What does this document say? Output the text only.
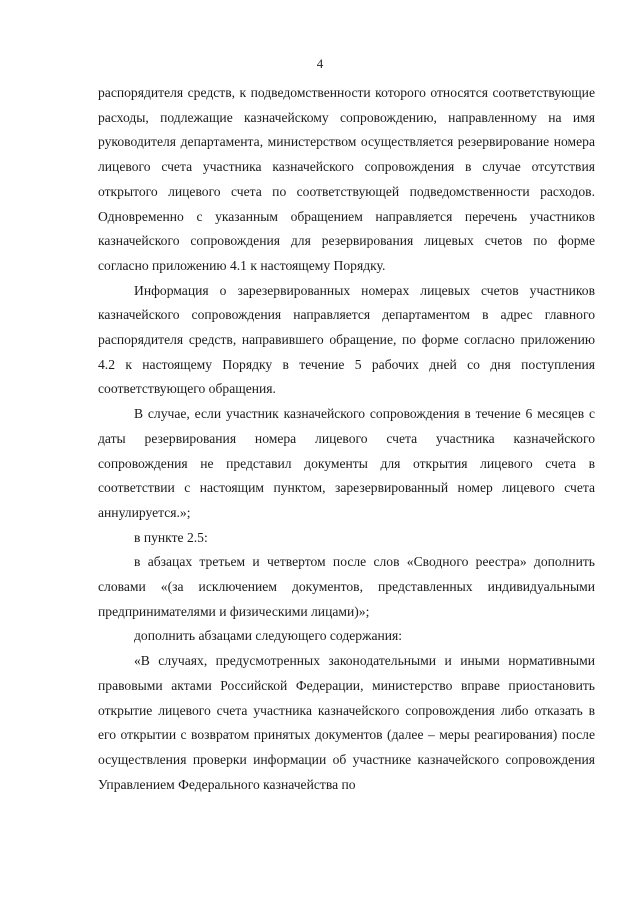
4

распорядителя средств, к подведомственности которого относятся соответствующие расходы, подлежащие казначейскому сопровождению, направленному на имя руководителя департамента, министерством осуществляется резервирование номера лицевого счета участника казначейского сопровождения в случае отсутствия открытого лицевого счета по соответствующей подведомственности расходов. Одновременно с указанным обращением направляется перечень участников казначейского сопровождения для резервирования лицевых счетов по форме согласно приложению 4.1 к настоящему Порядку.

Информация о зарезервированных номерах лицевых счетов участников казначейского сопровождения направляется департаментом в адрес главного распорядителя средств, направившего обращение, по форме согласно приложению 4.2 к настоящему Порядку в течение 5 рабочих дней со дня поступления соответствующего обращения.

В случае, если участник казначейского сопровождения в течение 6 месяцев с даты резервирования номера лицевого счета участника казначейского сопровождения не представил документы для открытия лицевого счета в соответствии с настоящим пунктом, зарезервированный номер лицевого счета аннулируется.»;

в пункте 2.5:

в абзацах третьем и четвертом после слов «Сводного реестра» дополнить словами «(за исключением документов, представленных индивидуальными предпринимателями и физическими лицами)»;

дополнить абзацами следующего содержания:

«В случаях, предусмотренных законодательными и иными нормативными правовыми актами Российской Федерации, министерство вправе приостановить открытие лицевого счета участника казначейского сопровождения либо отказать в его открытии с возвратом принятых документов (далее – меры реагирования) после осуществления проверки информации об участнике казначейского сопровождения Управлением Федерального казначейства по
